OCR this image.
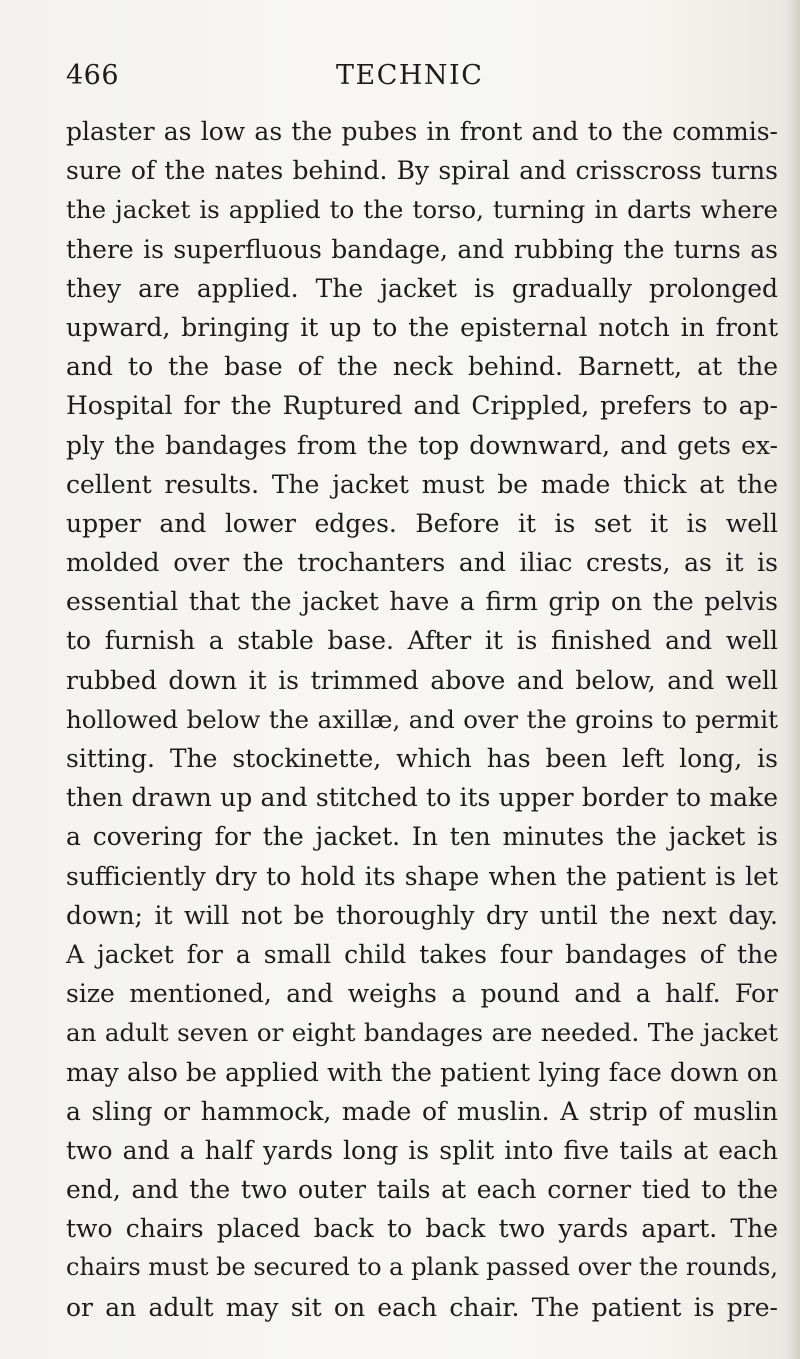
466	TECHNIC
plaster as low as the pubes in front and to the commis-
sure of the nates behind. By spiral and crisscross turns
the jacket is applied to the torso, turning in darts where
there is superfluous bandage, and rubbing the turns as
they are applied. The jacket is gradually prolonged
upward, bringing it up to the episternal notch in front
and to the base of the neck behind. Barnett, at the
Hospital for the Ruptured and Crippled, prefers to ap-
ply the bandages from the top downward, and gets ex-
cellent results. The jacket must be made thick at the
upper and lower edges. Before it is set it is well
molded over the trochanters and iliac crests, as it is
essential that the jacket have a firm grip on the pelvis
to furnish a stable base. After it is finished and well
rubbed down it is trimmed above and below, and well
hollowed below the axillæ, and over the groins to permit
sitting. The stockinette, which has been left long, is
then drawn up and stitched to its upper border to make
a covering for the jacket. In ten minutes the jacket is
sufficiently dry to hold its shape when the patient is let
down; it will not be thoroughly dry until the next day.
A jacket for a small child takes four bandages of the
size mentioned, and weighs a pound and a half. For
an adult seven or eight bandages are needed. The jacket
may also be applied with the patient lying face down on
a sling or hammock, made of muslin. A strip of muslin
two and a half yards long is split into five tails at each
end, and the two outer tails at each corner tied to the
two chairs placed back to back two yards apart. The
chairs must be secured to a plank passed over the rounds,
or an adult may sit on each chair. The patient is pre-
